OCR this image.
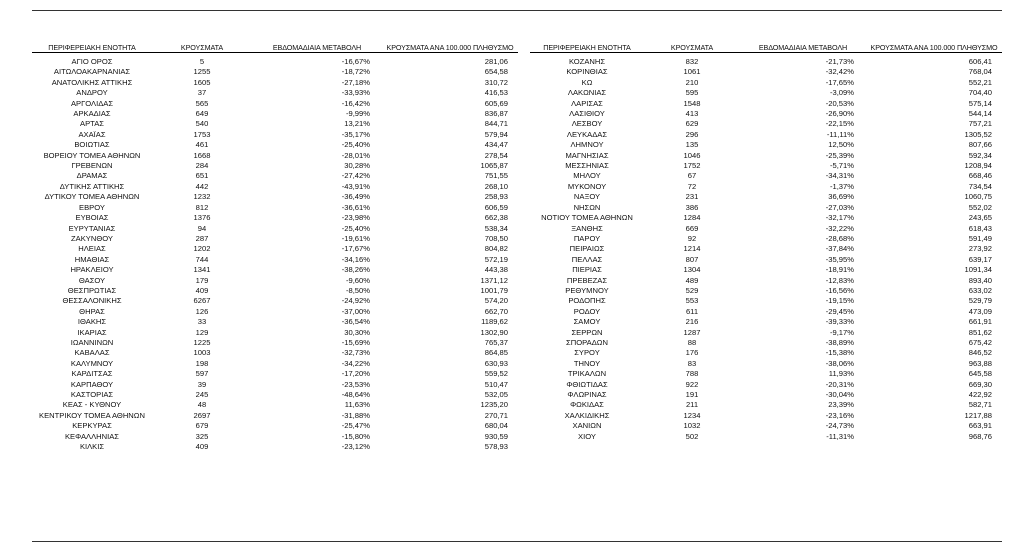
ΠΕΡΙΦΕΡΕΙΑΚΗ ΕΝΟΤΗΤΑ	ΚΡΟΥΣΜΑΤΑ	ΕΒΔΟΜΑΔΙΑΙΑ ΜΕΤΑΒΟΛΗ	ΚΡΟΥΣΜΑΤΑ ΑΝΑ 100.000 ΠΛΗΘΥΣΜΟ

ΑΓΙΟ ΟΡΟΣ	5	-16,67%	281,06
ΑΙΤΩΛΟΑΚΑΡΝΑΝΙΑΣ	1255	-18,72%	654,58
ΑΝΑΤΟΛΙΚΗΣ ΑΤΤΙΚΗΣ	1605	-27,18%	310,72
ΑΝΔΡΟΥ	37	-33,93%	416,53
ΑΡΓΟΛΙΔΑΣ	565	-16,42%	605,69
ΑΡΚΑΔΙΑΣ	649	-9,99%	836,87
ΑΡΤΑΣ	540	13,21%	844,71
ΑΧΑΪΑΣ	1753	-35,17%	579,94
ΒΟΙΩΤΙΑΣ	461	-25,40%	434,47
ΒΟΡΕΙΟΥ ΤΟΜΕΑ ΑΘΗΝΩΝ	1668	-28,01%	278,54
ΓΡΕΒΕΝΩΝ	284	30,28%	1065,87
ΔΡΑΜΑΣ	651	-27,42%	751,55
ΔΥΤΙΚΗΣ ΑΤΤΙΚΗΣ	442	-43,91%	268,10
ΔΥΤΙΚΟΥ ΤΟΜΕΑ ΑΘΗΝΩΝ	1232	-36,49%	258,93
ΕΒΡΟΥ	812	-36,61%	606,59
ΕΥΒΟΙΑΣ	1376	-23,98%	662,38
ΕΥΡΥΤΑΝΙΑΣ	94	-25,40%	538,34
ΖΑΚΥΝΘΟΥ	287	-19,61%	708,50
ΗΛΕΙΑΣ	1202	-17,67%	804,82
ΗΜΑΘΙΑΣ	744	-34,16%	572,19
ΗΡΑΚΛΕΙΟΥ	1341	-38,26%	443,38
ΘΑΣΟΥ	179	-9,60%	1371,12
ΘΕΣΠΡΩΤΙΑΣ	409	-8,50%	1001,79
ΘΕΣΣΑΛΟΝΙΚΗΣ	6267	-24,92%	574,20
ΘΗΡΑΣ	126	-37,00%	662,70
ΙΘΑΚΗΣ	33	-36,54%	1189,62
ΙΚΑΡΙΑΣ	129	30,30%	1302,90
ΙΩΑΝΝΙΝΩΝ	1225	-15,69%	765,37
ΚΑΒΑΛΑΣ	1003	-32,73%	864,85
ΚΑΛΥΜΝΟΥ	198	-34,22%	630,93
ΚΑΡΔΙΤΣΑΣ	597	-17,20%	559,52
ΚΑΡΠΑΘΟΥ	39	-23,53%	510,47
ΚΑΣΤΟΡΙΑΣ	245	-48,64%	532,05
ΚΕΑΣ - ΚΥΘΝΟΥ	48	11,63%	1235,20
ΚΕΝΤΡΙΚΟΥ ΤΟΜΕΑ ΑΘΗΝΩΝ	2697	-31,88%	270,71
ΚΕΡΚΥΡΑΣ	679	-25,47%	680,04
ΚΕΦΑΛΛΗΝΙΑΣ	325	-15,80%	930,59
ΚΙΛΚΙΣ	409	-23,12%	578,93
ΠΕΡΙΦΕΡΕΙΑΚΗ ΕΝΟΤΗΤΑ	ΚΡΟΥΣΜΑΤΑ	ΕΒΔΟΜΑΔΙΑΙΑ ΜΕΤΑΒΟΛΗ	ΚΡΟΥΣΜΑΤΑ ΑΝΑ 100.000 ΠΛΗΘΥΣΜΟ

ΚΟΖΑΝΗΣ	832	-21,73%	606,41
ΚΟΡΙΝΘΙΑΣ	1061	-32,42%	768,04
ΚΩ	210	-17,65%	552,21
ΛΑΚΩΝΙΑΣ	595	-3,09%	704,40
ΛΑΡΙΣΑΣ	1548	-20,53%	575,14
ΛΑΣΙΘΙΟΥ	413	-26,90%	544,14
ΛΕΣΒΟΥ	629	-22,15%	757,21
ΛΕΥΚΑΔΑΣ	296	-11,11%	1305,52
ΛΗΜΝΟΥ	135	12,50%	807,66
ΜΑΓΝΗΣΙΑΣ	1046	-25,39%	592,34
ΜΕΣΣΗΝΙΑΣ	1752	-5,71%	1208,94
ΜΗΛΟΥ	67	-34,31%	668,46
ΜΥΚΟΝΟΥ	72	-1,37%	734,54
ΝΑΞΟΥ	231	36,69%	1060,75
ΝΗΣΩΝ	386	-27,03%	552,02
ΝΟΤΙΟΥ ΤΟΜΕΑ ΑΘΗΝΩΝ	1284	-32,17%	243,65
ΞΑΝΘΗΣ	669	-32,22%	618,43
ΠΑΡΟΥ	92	-28,68%	591,49
ΠΕΙΡΑΙΩΣ	1214	-37,84%	273,92
ΠΕΛΛΑΣ	807	-35,95%	639,17
ΠΙΕΡΙΑΣ	1304	-18,91%	1091,34
ΠΡΕΒΕΖΑΣ	489	-12,83%	893,40
ΡΕΘΥΜΝΟΥ	529	-16,56%	633,02
ΡΟΔΟΠΗΣ	553	-19,15%	529,79
ΡΟΔΟΥ	611	-29,45%	473,09
ΣΑΜΟΥ	216	-39,33%	661,91
ΣΕΡΡΩΝ	1287	-9,17%	851,62
ΣΠΟΡΑΔΩΝ	88	-38,89%	675,42
ΣΥΡΟΥ	176	-15,38%	846,52
ΤΗΝΟΥ	83	-38,06%	963,88
ΤΡΙΚΑΛΩΝ	788	11,93%	645,58
ΦΘΙΩΤΙΔΑΣ	922	-20,31%	669,30
ΦΛΩΡΙΝΑΣ	191	-30,04%	422,92
ΦΩΚΙΔΑΣ	211	23,39%	582,71
ΧΑΛΚΙΔΙΚΗΣ	1234	-23,16%	1217,88
ΧΑΝΙΩΝ	1032	-24,73%	663,91
ΧΙΟΥ	502	-11,31%	968,76
